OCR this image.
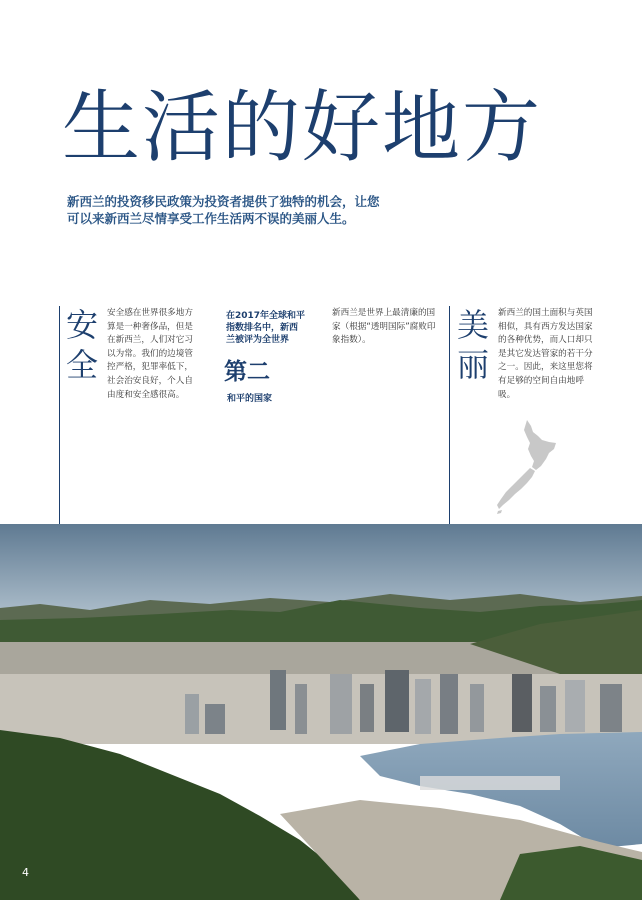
生活的好地方

新西兰的投资移民政策为投资者提供了独特的机会，让您

可以来新西兰尽情享受工作生活两不误的美丽人生。

安
全
安全感在世界很多地方算是一种奢侈品，但是在新西兰，人们对它习以为常。我们的边境管控严格，犯罪率低下，社会治安良好，个人自由度和安全感很高。
在2017年全球和平指数排名中，新西兰被评为全世界
第二
和平的国家
新西兰是世界上最清廉的国家（根据“透明国际”腐败印象指数）。	美
丽
新西兰的国土面积与英国相似，具有西方发达国家的各种优势，而人口却只是其它发达管家的若干分之一。因此，来这里您将有足够的空间自由地呼吸。
4
